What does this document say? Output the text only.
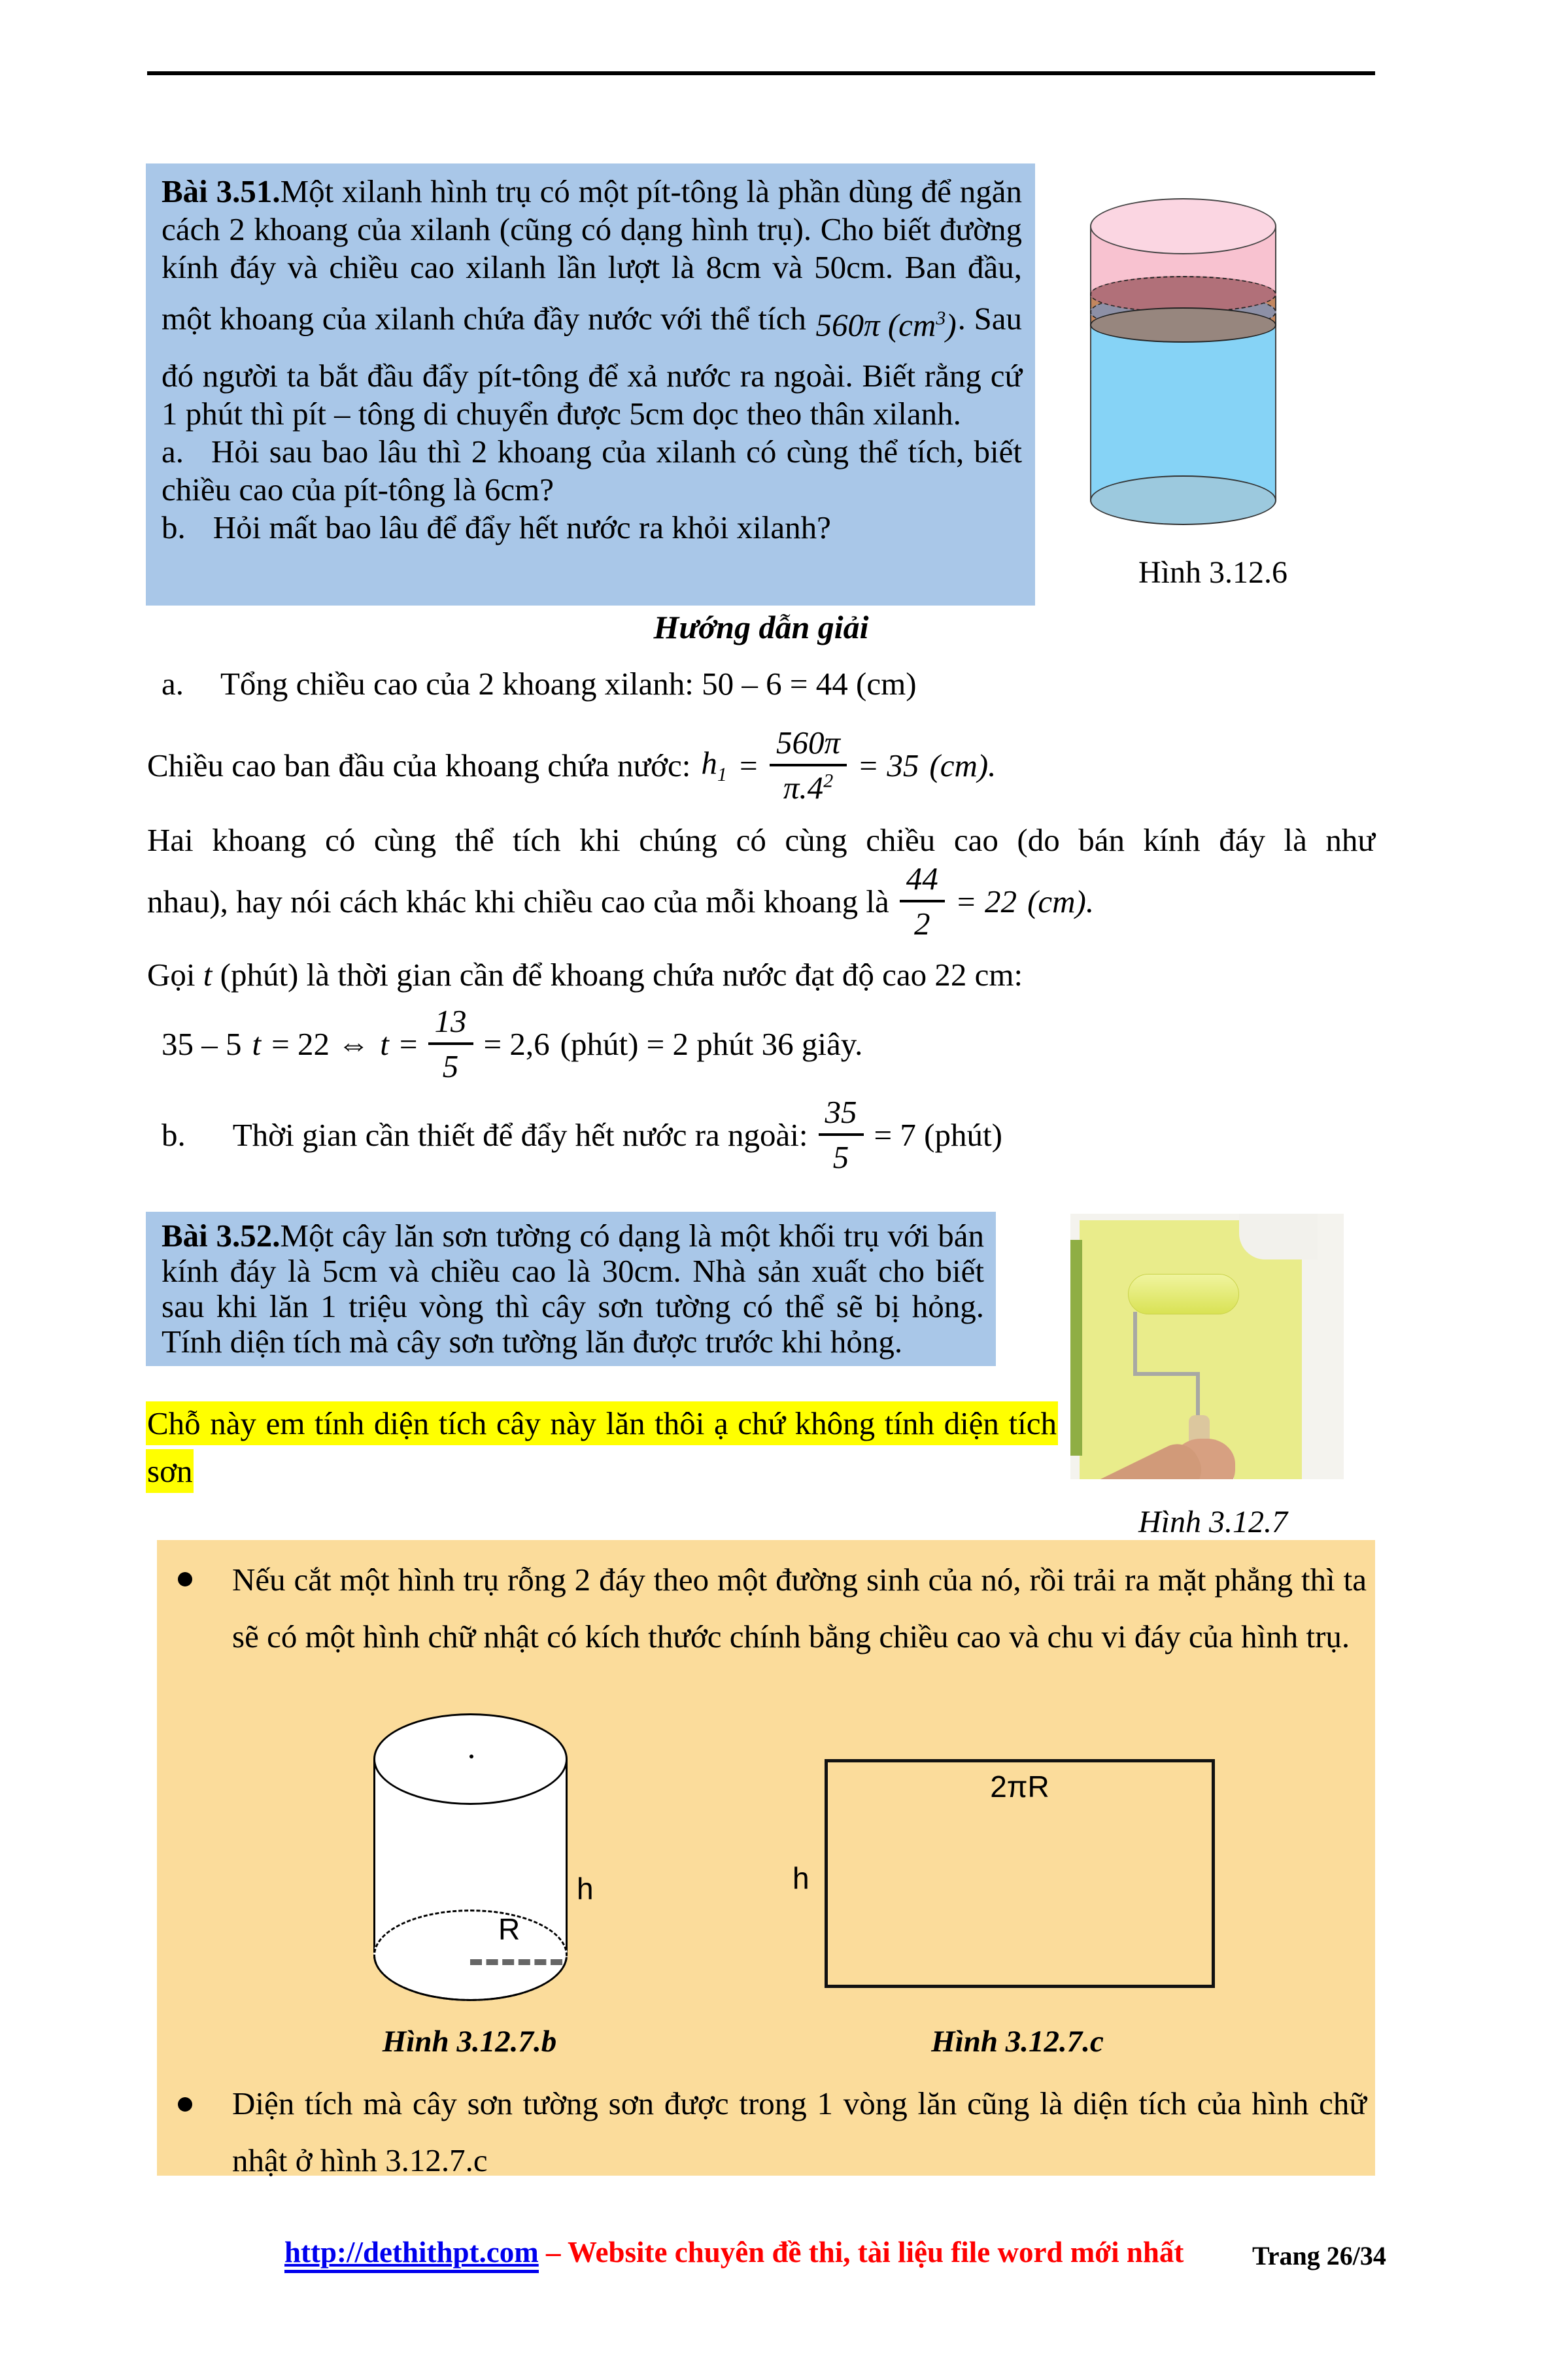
Bài 3.51.Một xilanh hình trụ có một pít-tông là phần dùng để ngăn cách 2 khoang của xilanh (cũng có dạng hình trụ). Cho biết đường kính đáy và chiều cao xilanh lần lượt là 8cm và 50cm. Ban đầu, một khoang của xilanh chứa đầy nước với thể tích 560π $(cm^3)$. Sau đó người ta bắt đầu đẩy pít-tông để xả nước ra ngoài. Biết rằng cứ 1 phút thì pít – tông di chuyển được 5cm dọc theo thân xilanh.

a. Hỏi sau bao lâu thì 2 khoang của xilanh có cùng thể tích, biết chiều cao của pít-tông là 6cm?

b. Hỏi mất bao lâu để đẩy hết nước ra khỏi xilanh?

Hình 3.12.6
Hướng dẫn giải
a. Tổng chiều cao của 2 khoang xilanh: 50 – 6 = 44 (cm)
Chiều cao ban đầu của khoang chứa nước: $h_1 = \frac{560\pi}{\pi.4^2} = 35$ (cm).
Hai khoang có cùng thể tích khi chúng có cùng chiều cao (do bán kính đáy là như
nhau), hay nói cách khác khi chiều cao của mỗi khoang là $\frac{44}{2} = 22$ (cm).
Gọi t (phút) là thời gian cần để khoang chứa nước đạt độ cao 22 cm:
35 – 5 t = 22 ⇔ $t = \frac{13}{5} = 2,6$ (phút) = 2 phút 36 giây.
b. Thời gian cần thiết để đẩy hết nước ra ngoài: $\frac{35}{5} = 7$ (phút)

Bài 3.52.Một cây lăn sơn tường có dạng là một khối trụ với bán kính đáy là 5cm và chiều cao là 30cm. Nhà sản xuất cho biết sau khi lăn 1 triệu vòng thì cây sơn tường có thể sẽ bị hỏng. Tính diện tích mà cây sơn tường lăn được trước khi hỏng.

Chỗ này em tính diện tích cây này lăn thôi ạ chứ không tính diện tích sơn
Hình 3.12.7
Nếu cắt một hình trụ rỗng 2 đáy theo một đường sinh của nó, rồi trải ra mặt phẳng thì ta sẽ có một hình chữ nhật có kích thước chính bằng chiều cao và chu vi đáy của hình trụ.
h
R
2πR
h
Hình 3.12.7.b	Hình 3.12.7.c
Diện tích mà cây sơn tường sơn được trong 1 vòng lăn cũng là diện tích của hình chữ nhật ở hình 3.12.7.c
http://dethithpt.com – Website chuyên đề thi, tài liệu file word mới nhất	Trang 26/34
